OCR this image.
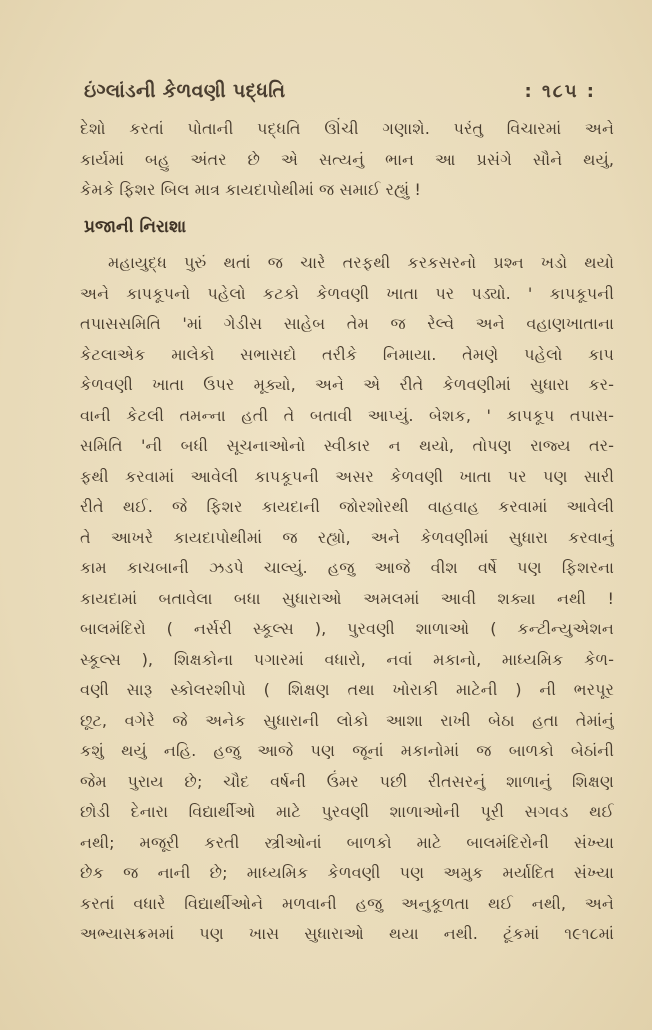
ઇંગ્લાંડની કેળવણી પદ્ધતિ	: ૧૮૫ :
દેશો કરતાં પોતાની પદ્ધતિ ઊંચી ગણાશે. પરંતુ વિચારમાં અને
કાર્યમાં બહુ અંતર છે એ સત્યનું ભાન આ પ્રસંગે સૌને થયું,
કેમકે ફિશર બિલ માત્ર કાયદાપોથીમાં જ સમાઈ રહ્યું !
પ્રજાની નિરાશા
મહાયુદ્ધ પુરું થતાં જ ચારે તરફથી કરકસરનો પ્રશ્ન ખડો થયો
અને કાપકૂપનો પહેલો કટકો કેળવણી ખાતા પર પડ્યો. ' કાપકૂપની
તપાસસમિતિ 'માં ગેડીસ સાહેબ તેમ જ રેલ્વે અને વહાણખાતાના
કેટલાએક માલેકો સભાસદો તરીકે નિમાયા. તેમણે પહેલો કાપ
કેળવણી ખાતા ઉપર મૂક્યો, અને એ રીતે કેળવણીમાં સુધારા કર-
વાની કેટલી તમન્ના હતી તે બતાવી આપ્યું. બેશક, ' કાપકૂપ તપાસ-
સમિતિ 'ની બધી સૂચનાઓનો સ્વીકાર ન થયો, તોપણ રાજ્ય તર-
ફથી કરવામાં આવેલી કાપકૂપની અસર કેળવણી ખાતા પર પણ સારી
રીતે થઈ. જે ફિશર કાયદાની જોરશોરથી વાહવાહ કરવામાં આવેલી
તે આખરે કાયદાપોથીમાં જ રહ્યો, અને કેળવણીમાં સુધારા કરવાનું
કામ કાચબાની ઝડપે ચાલ્યું. હજુ આજે વીશ વર્ષે પણ ફિશરના
કાયદામાં બતાવેલા બધા સુધારાઓ અમલમાં આવી શક્યા નથી !
બાલમંદિરો ( નર્સરી સ્કૂલ્સ ), પુરવણી શાળાઓ ( કન્ટીન્યુએશન
સ્કૂલ્સ ), શિક્ષકોના પગારમાં વધારો, નવાં મકાનો, માધ્યમિક કેળ-
વણી સારૂ સ્કોલરશીપો ( શિક્ષણ તથા ખોરાકી માટેની ) ની ભરપૂર
છૂટ, વગેરે જે અનેક સુધારાની લોકો આશા રાખી બેઠા હતા તેમાંનું
કશું થયું નહિ. હજુ આજે પણ જૂનાં મકાનોમાં જ બાળકો બેઠાંની
જેમ પુરાય છે; ચૌદ વર્ષની ઉંમર પછી રીતસરનું શાળાનું શિક્ષણ
છોડી દેનારા વિદ્યાર્થીઓ માટે પુરવણી શાળાઓની પૂરી સગવડ થઈ
નથી; મજૂરી કરતી સ્ત્રીઓનાં બાળકો માટે બાલમંદિરોની સંખ્યા
છેક જ નાની છે; માધ્યમિક કેળવણી પણ અમુક મર્યાદિત સંખ્યા
કરતાં વધારે વિદ્યાર્થીઓને મળવાની હજુ અનુકૂળતા થઈ નથી, અને
અભ્યાસક્રમમાં પણ ખાસ સુધારાઓ થયા નથી. ટૂંકમાં ૧૯૧૮માં
